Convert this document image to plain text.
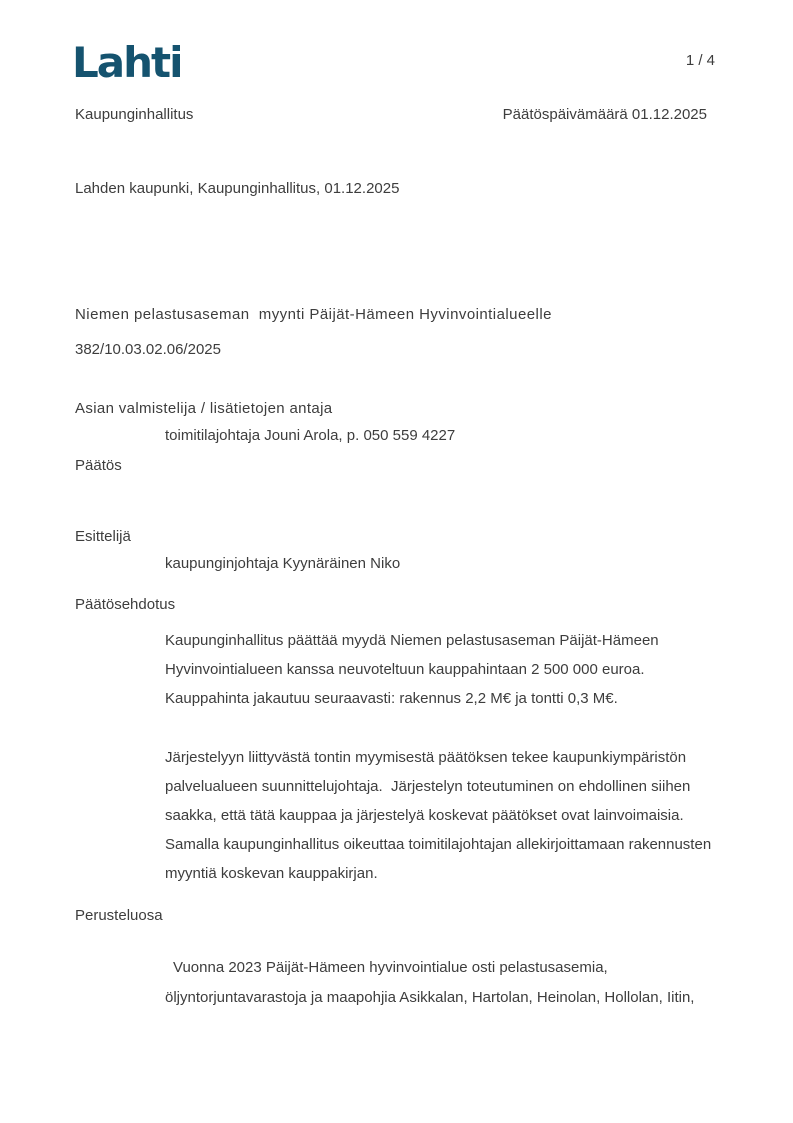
Lahti	1 / 4
Kaupunginhallitus	Päätöspäivämäärä 01.12.2025
Lahden kaupunki, Kaupunginhallitus, 01.12.2025
Niemen pelastusaseman  myynti Päijät-Hämeen Hyvinvointialueelle
382/10.03.02.06/2025
Asian valmistelija / lisätietojen antaja
toimitilajohtaja Jouni Arola, p. 050 559 4227
Päätös
Esittelijä
kaupunginjohtaja Kyynäräinen Niko
Päätösehdotus
Kaupunginhallitus päättää myydä Niemen pelastusaseman Päijät-Hämeen
Hyvinvointialueen kanssa neuvoteltuun kauppahintaan 2 500 000 euroa.
Kauppahinta jakautuu seuraavasti: rakennus 2,2 M€ ja tontti 0,3 M€.
Järjestelyyn liittyvästä tontin myymisestä päätöksen tekee kaupunkiympäristön
palvelualueen suunnittelujohtaja.  Järjestelyn toteutuminen on ehdollinen siihen
saakka, että tätä kauppaa ja järjestelyä koskevat päätökset ovat lainvoimaisia.
Samalla kaupunginhallitus oikeuttaa toimitilajohtajan allekirjoittamaan rakennusten
myyntiä koskevan kauppakirjan.
Perusteluosa
Vuonna 2023 Päijät-Hämeen hyvinvointialue osti pelastusasemia,
öljyntorjuntavarastoja ja maapohjia Asikkalan, Hartolan, Heinolan, Hollolan, Iitin,
